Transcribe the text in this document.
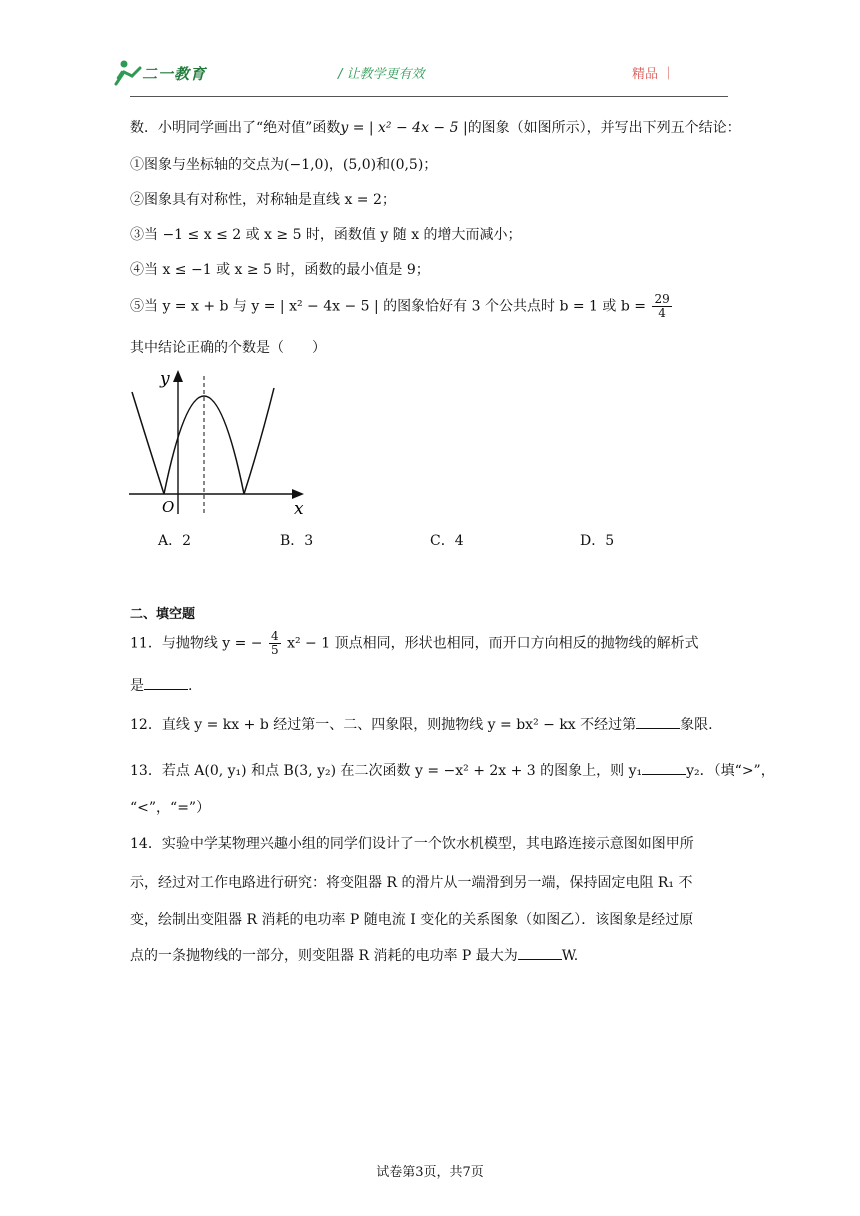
二一教育	/ 让教学更有效	精品 ｜
数．小明同学画出了“绝对值”函数y = | x² − 4x − 5 |的图象（如图所示），并写出下列五个结论：
①图象与坐标轴的交点为(−1,0)，(5,0)和(0,5)；
②图象具有对称性，对称轴是直线 x = 2；
③当 −1 ≤ x ≤ 2 或 x ≥ 5 时，函数值 y 随 x 的增大而减小；
④当 x ≤ −1 或 x ≥ 5 时，函数的最小值是 9；
⑤当 y = x + b 与 y = | x² − 4x − 5 | 的图象恰好有 3 个公共点时 b = 1 或 $b = \frac{29}{4}$
其中结论正确的个数是（　　）
y
x
O
A．2	B．3	C．4	D．5
二、填空题
11．与抛物线 y = − $\frac{4}{5} x^2 - 1$ 顶点相同，形状也相同，而开口方向相反的抛物线的解析式
是	.
12．直线 y = kx + b 经过第一、二、四象限，则抛物线 y = bx² − kx 不经过第	象限.
13．若点 A(0, y₁) 和点 B(3, y₂) 在二次函数 y = −x² + 2x + 3 的图象上，则 y₁	y₂．（填“>”，
“<”，“=”）
14．实验中学某物理兴趣小组的同学们设计了一个饮水机模型，其电路连接示意图如图甲所
示，经过对工作电路进行研究：将变阻器 R 的滑片从一端滑到另一端，保持固定电阻 R₁ 不
变，绘制出变阻器 R 消耗的电功率 P 随电流 I 变化的关系图象（如图乙）．该图象是经过原
点的一条抛物线的一部分，则变阻器 R 消耗的电功率 P 最大为	W.
试卷第3页，共7页
